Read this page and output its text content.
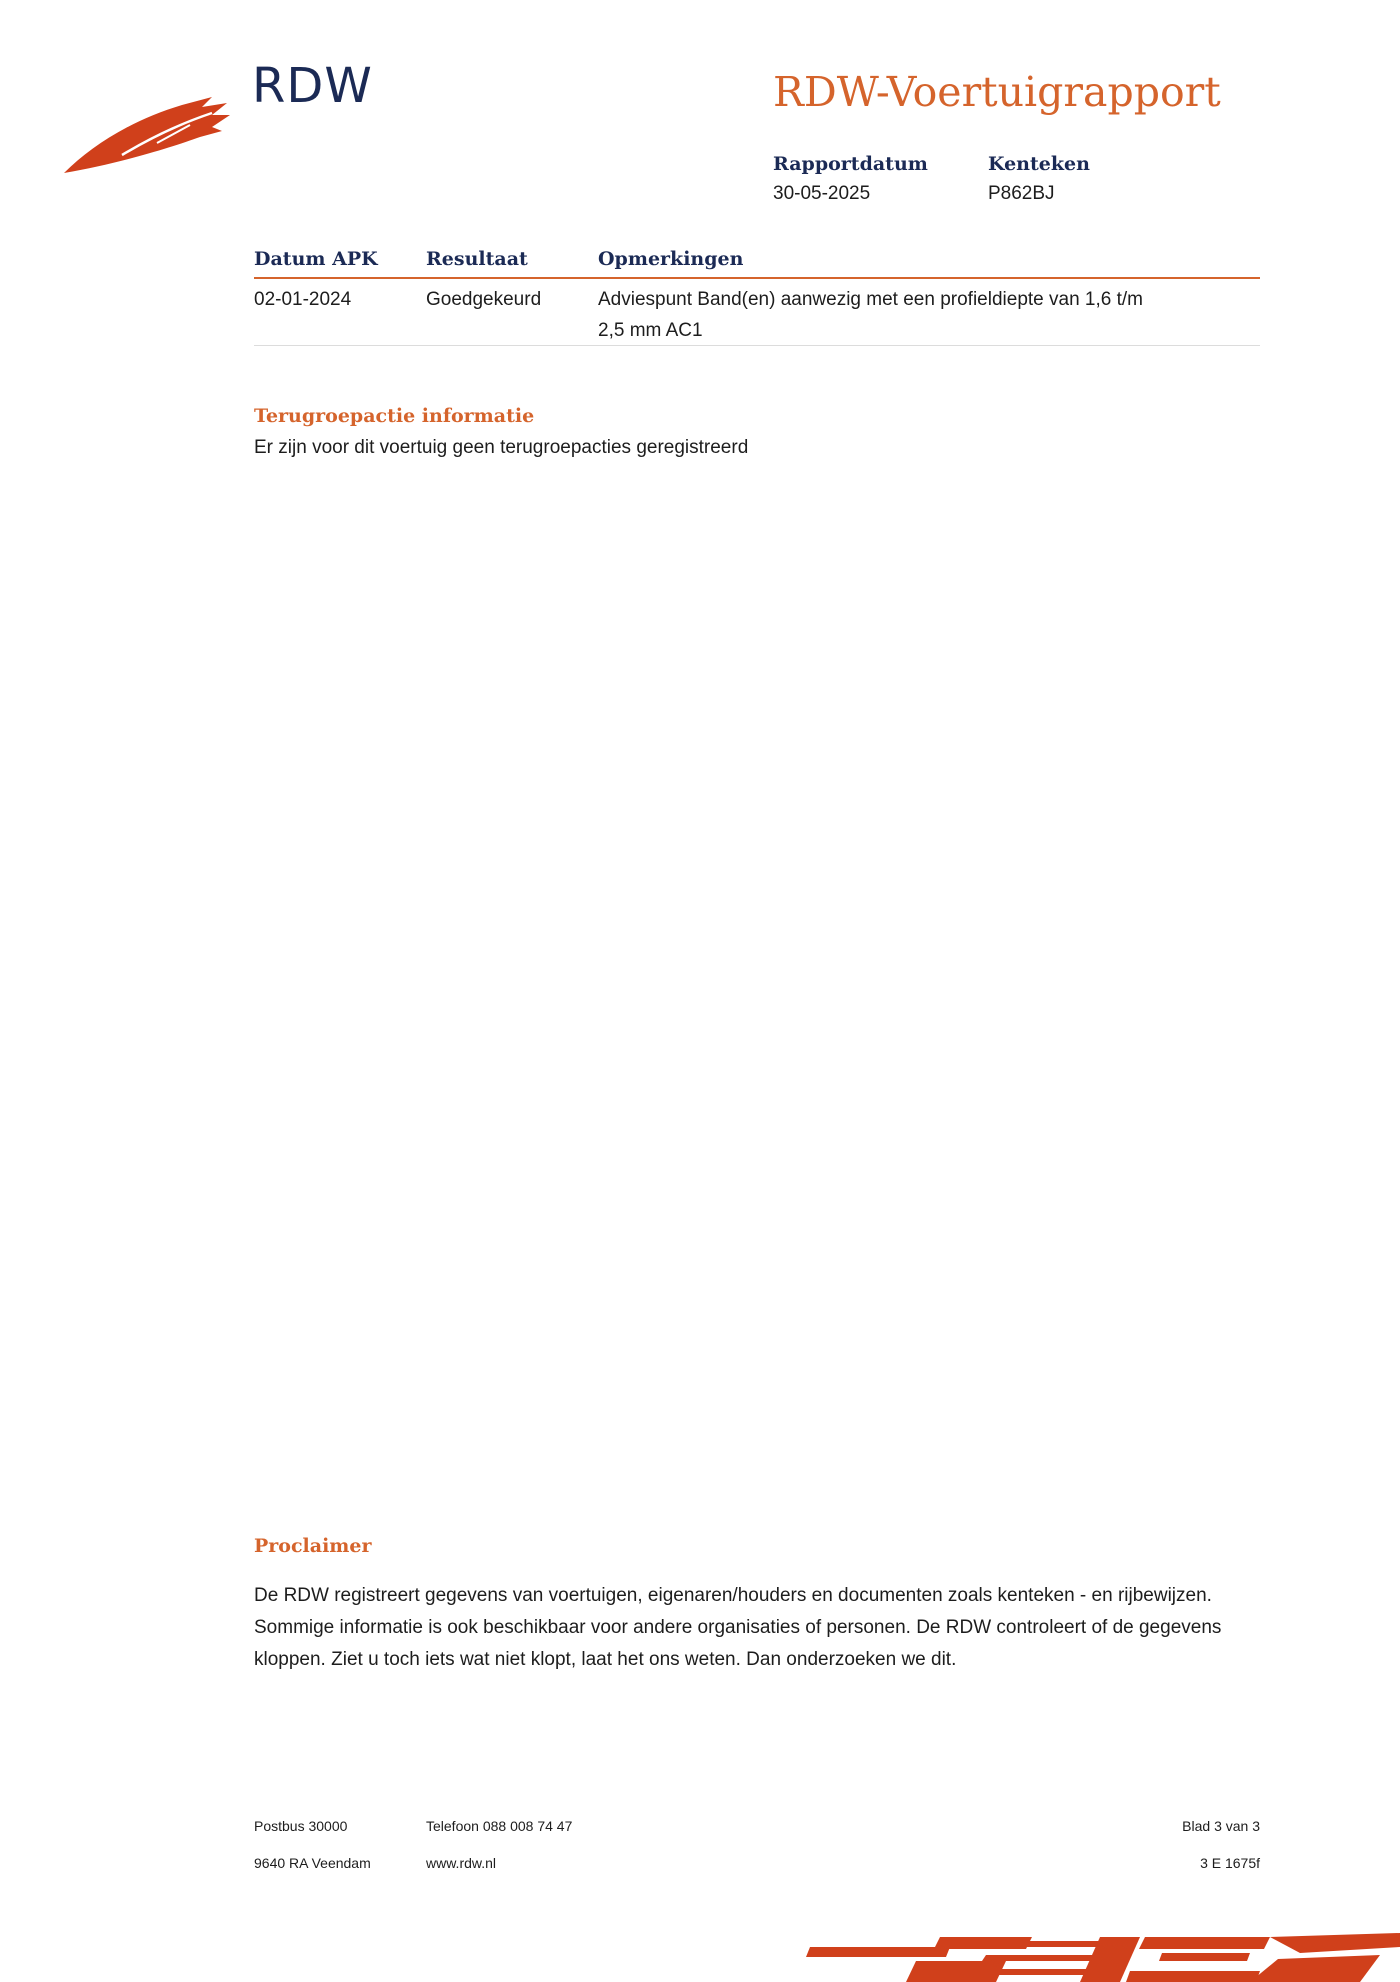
RDW	RDW-Voertuigrapport
Rapportdatum
30-05-2025
Kenteken
P862BJ
Datum APK	Resultaat	Opmerkingen
02-01-2024	Goedgekeurd	Adviespunt Band(en) aanwezig met een profieldiepte van 1,6 t/m
2,5 mm AC1
Terugroepactie informatie
Er zijn voor dit voertuig geen terugroepacties geregistreerd
Proclaimer
De RDW registreert gegevens van voertuigen, eigenaren/houders en documenten zoals kenteken - en rijbewijzen. Sommige informatie is ook beschikbaar voor andere organisaties of personen. De RDW controleert of de gegevens kloppen. Ziet u toch iets wat niet klopt, laat het ons weten. Dan onderzoeken we dit.
Postbus 30000
9640 RA Veendam
Telefoon 088 008 74 47
www.rdw.nl
Blad 3 van 3
3 E 1675f
